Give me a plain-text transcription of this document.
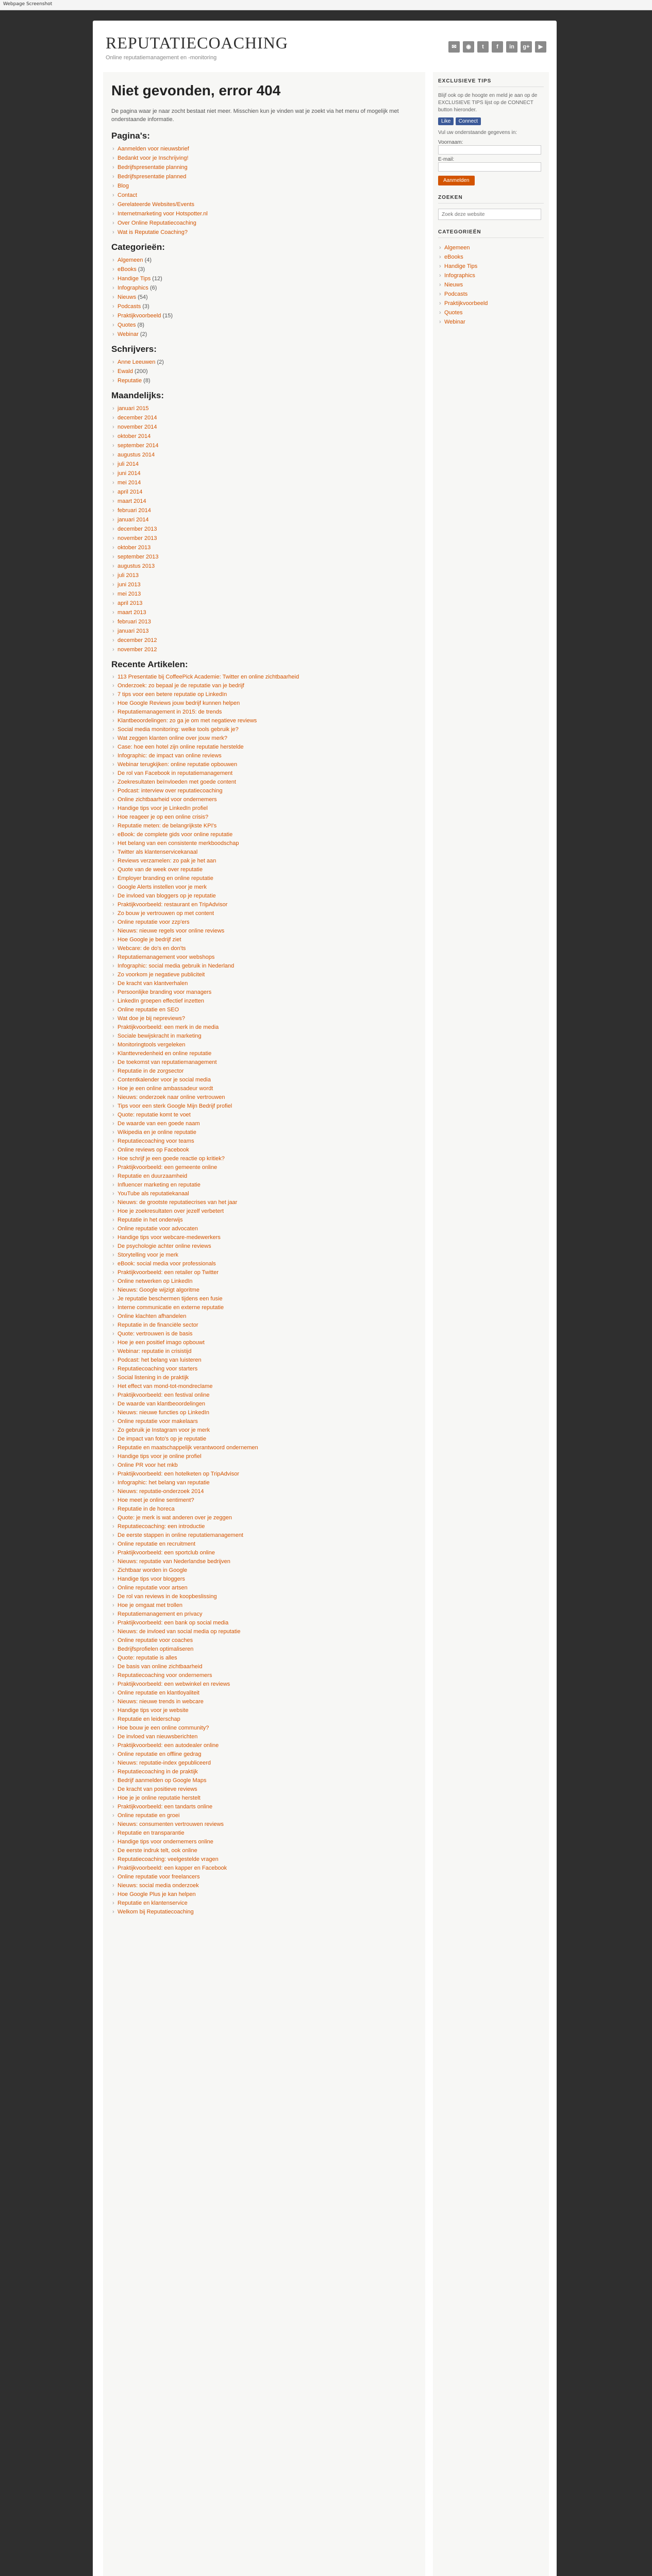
Webpage Screenshot
REPUTATIECOACHING
Online reputatiemanagement en -monitoring
✉	◉	t	f	in	g+	▶
Niet gevonden, error 404

De pagina waar je naar zocht bestaat niet meer. Misschien kun je vinden wat je zoekt via het menu of mogelijk met onderstaande informatie.

Pagina's:
› Aanmelden voor nieuwsbrief
› Bedankt voor je Inschrijving!
› Bedrijfspresentatie planning
› Bedrijfspresentatie planned
› Blog
› Contact
› Gerelateerde Websites/Events
› Internetmarketing voor Hotspotter.nl
› Over Online Reputatiecoaching
› Wat is Reputatie Coaching?
Categorieën:
› Algemeen (4)
› eBooks (3)
› Handige Tips (12)
› Infographics (6)
› Nieuws (54)
› Podcasts (3)
› Praktijkvoorbeeld (15)
› Quotes (8)
› Webinar (2)
Schrijvers:
› Anne Leeuwen (2)
› Ewald (200)
› Reputatie (8)
Maandelijks:
› januari 2015
› december 2014
› november 2014
› oktober 2014
› september 2014
› augustus 2014
› juli 2014
› juni 2014
› mei 2014
› april 2014
› maart 2014
› februari 2014
› januari 2014
› december 2013
› november 2013
› oktober 2013
› september 2013
› augustus 2013
› juli 2013
› juni 2013
› mei 2013
› april 2013
› maart 2013
› februari 2013
› januari 2013
› december 2012
› november 2012
Recente Artikelen:
› 113 Presentatie bij CoffeePick Academie: Twitter en online zichtbaarheid
› Onderzoek: zo bepaal je de reputatie van je bedrijf
› 7 tips voor een betere reputatie op LinkedIn
› Hoe Google Reviews jouw bedrijf kunnen helpen
› Reputatiemanagement in 2015: de trends
› Klantbeoordelingen: zo ga je om met negatieve reviews
› Social media monitoring: welke tools gebruik je?
› Wat zeggen klanten online over jouw merk?
› Case: hoe een hotel zijn online reputatie herstelde
› Infographic: de impact van online reviews
› Webinar terugkijken: online reputatie opbouwen
› De rol van Facebook in reputatiemanagement
› Zoekresultaten beïnvloeden met goede content
› Podcast: interview over reputatiecoaching
› Online zichtbaarheid voor ondernemers
› Handige tips voor je LinkedIn profiel
› Hoe reageer je op een online crisis?
› Reputatie meten: de belangrijkste KPI's
› eBook: de complete gids voor online reputatie
› Het belang van een consistente merkboodschap
› Twitter als klantenservicekanaal
› Reviews verzamelen: zo pak je het aan
› Quote van de week over reputatie
› Employer branding en online reputatie
› Google Alerts instellen voor je merk
› De invloed van bloggers op je reputatie
› Praktijkvoorbeeld: restaurant en TripAdvisor
› Zo bouw je vertrouwen op met content
› Online reputatie voor zzp'ers
› Nieuws: nieuwe regels voor online reviews
› Hoe Google je bedrijf ziet
› Webcare: de do's en don'ts
› Reputatiemanagement voor webshops
› Infographic: social media gebruik in Nederland
› Zo voorkom je negatieve publiciteit
› De kracht van klantverhalen
› Persoonlijke branding voor managers
› LinkedIn groepen effectief inzetten
› Online reputatie en SEO
› Wat doe je bij nepreviews?
› Praktijkvoorbeeld: een merk in de media
› Sociale bewijskracht in marketing
› Monitoringtools vergeleken
› Klanttevredenheid en online reputatie
› De toekomst van reputatiemanagement
› Reputatie in de zorgsector
› Contentkalender voor je social media
› Hoe je een online ambassadeur wordt
› Nieuws: onderzoek naar online vertrouwen
› Tips voor een sterk Google Mijn Bedrijf profiel
› Quote: reputatie komt te voet
› De waarde van een goede naam
› Wikipedia en je online reputatie
› Reputatiecoaching voor teams
› Online reviews op Facebook
› Hoe schrijf je een goede reactie op kritiek?
› Praktijkvoorbeeld: een gemeente online
› Reputatie en duurzaamheid
› Influencer marketing en reputatie
› YouTube als reputatiekanaal
› Nieuws: de grootste reputatiecrises van het jaar
› Hoe je zoekresultaten over jezelf verbetert
› Reputatie in het onderwijs
› Online reputatie voor advocaten
› Handige tips voor webcare-medewerkers
› De psychologie achter online reviews
› Storytelling voor je merk
› eBook: social media voor professionals
› Praktijkvoorbeeld: een retailer op Twitter
› Online netwerken op LinkedIn
› Nieuws: Google wijzigt algoritme
› Je reputatie beschermen tijdens een fusie
› Interne communicatie en externe reputatie
› Online klachten afhandelen
› Reputatie in de financiële sector
› Quote: vertrouwen is de basis
› Hoe je een positief imago opbouwt
› Webinar: reputatie in crisistijd
› Podcast: het belang van luisteren
› Reputatiecoaching voor starters
› Social listening in de praktijk
› Het effect van mond-tot-mondreclame
› Praktijkvoorbeeld: een festival online
› De waarde van klantbeoordelingen
› Nieuws: nieuwe functies op LinkedIn
› Online reputatie voor makelaars
› Zo gebruik je Instagram voor je merk
› De impact van foto's op je reputatie
› Reputatie en maatschappelijk verantwoord ondernemen
› Handige tips voor je online profiel
› Online PR voor het mkb
› Praktijkvoorbeeld: een hotelketen op TripAdvisor
› Infographic: het belang van reputatie
› Nieuws: reputatie-onderzoek 2014
› Hoe meet je online sentiment?
› Reputatie in de horeca
› Quote: je merk is wat anderen over je zeggen
› Reputatiecoaching: een introductie
› De eerste stappen in online reputatiemanagement
› Online reputatie en recruitment
› Praktijkvoorbeeld: een sportclub online
› Nieuws: reputatie van Nederlandse bedrijven
› Zichtbaar worden in Google
› Handige tips voor bloggers
› Online reputatie voor artsen
› De rol van reviews in de koopbeslissing
› Hoe je omgaat met trollen
› Reputatiemanagement en privacy
› Praktijkvoorbeeld: een bank op social media
› Nieuws: de invloed van social media op reputatie
› Online reputatie voor coaches
› Bedrijfsprofielen optimaliseren
› Quote: reputatie is alles
› De basis van online zichtbaarheid
› Reputatiecoaching voor ondernemers
› Praktijkvoorbeeld: een webwinkel en reviews
› Online reputatie en klantloyaliteit
› Nieuws: nieuwe trends in webcare
› Handige tips voor je website
› Reputatie en leiderschap
› Hoe bouw je een online community?
› De invloed van nieuwsberichten
› Praktijkvoorbeeld: een autodealer online
› Online reputatie en offline gedrag
› Nieuws: reputatie-index gepubliceerd
› Reputatiecoaching in de praktijk
› Bedrijf aanmelden op Google Maps
› De kracht van positieve reviews
› Hoe je je online reputatie herstelt
› Praktijkvoorbeeld: een tandarts online
› Online reputatie en groei
› Nieuws: consumenten vertrouwen reviews
› Reputatie en transparantie
› Handige tips voor ondernemers online
› De eerste indruk telt, ook online
› Reputatiecoaching: veelgestelde vragen
› Praktijkvoorbeeld: een kapper en Facebook
› Online reputatie voor freelancers
› Nieuws: social media onderzoek
› Hoe Google Plus je kan helpen
› Reputatie en klantenservice
› Welkom bij Reputatiecoaching
EXCLUSIEVE TIPS
Blijf ook op de hoogte en meld je aan op de EXCLUSIEVE TIPS lijst op de CONNECT button hieronder.
Like Connect
Vul uw onderstaande gegevens in:
Voornaam:
E-mail:
Aanmelden
ZOEKEN
Zoek deze website
CATEGORIEËN
› Algemeen
› eBooks
› Handige Tips
› Infographics
› Nieuws
› Podcasts
› Praktijkvoorbeeld
› Quotes
› Webinar
